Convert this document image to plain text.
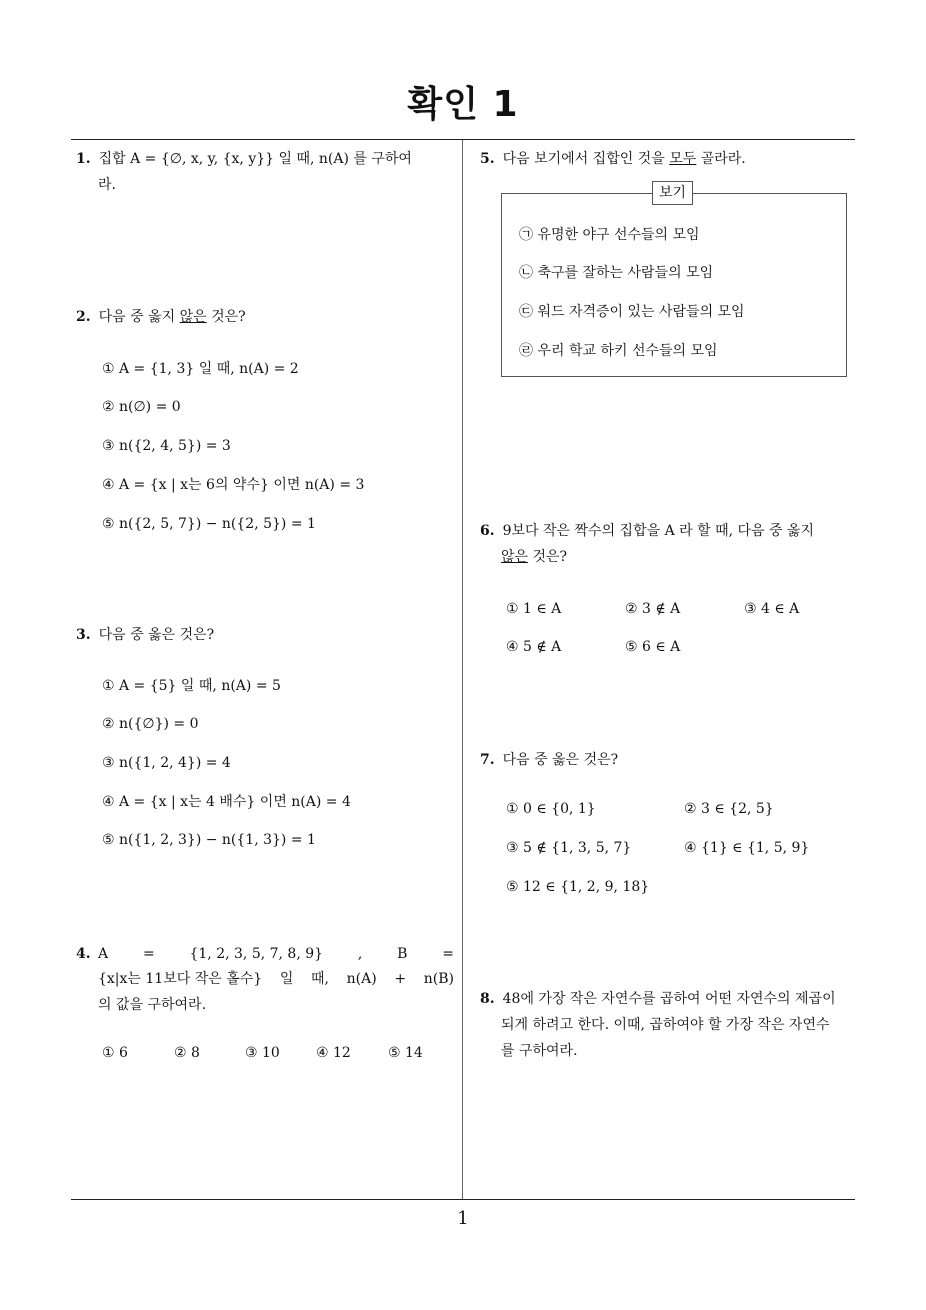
확인 1
1
1. 집합 A = {∅, x, y, {x, y}} 일 때, n(A) 를 구하여
라.
2. 다음 중 옳지 않은 것은?
① A = {1, 3} 일 때, n(A) = 2
② n(∅) = 0
③ n({2, 4, 5}) = 3
④ A = {x | x는 6의 약수} 이면 n(A) = 3
⑤ n({2, 5, 7}) − n({2, 5}) = 1
3. 다음 중 옳은 것은?
① A = {5} 일 때, n(A) = 5
② n({∅}) = 0
③ n({1, 2, 4}) = 4
④ A = {x | x는 4 배수} 이면 n(A) = 4
⑤ n({1, 2, 3}) − n({1, 3}) = 1
4. A = {1, 2, 3, 5, 7, 8, 9} , B =
{x|x는 11보다 작은 홀수} 일 때, n(A) + n(B)
의 값을 구하여라.
① 6	② 8	③ 10	④ 12	⑤ 14
5. 다음 보기에서 집합인 것을 모두 골라라.
보기
㉠ 유명한 야구 선수들의 모임
㉡ 축구를 잘하는 사람들의 모임
㉢ 워드 자격증이 있는 사람들의 모임
㉣ 우리 학교 하키 선수들의 모임
6. 9보다 작은 짝수의 집합을 A 라 할 때, 다음 중 옳지
않은 것은?
① 1 ∈ A	② 3 ∉ A	③ 4 ∈ A
④ 5 ∉ A	⑤ 6 ∈ A
7. 다음 중 옳은 것은?
① 0 ∈ {0, 1}	② 3 ∈ {2, 5}
③ 5 ∉ {1, 3, 5, 7}	④ {1} ∈ {1, 5, 9}
⑤ 12 ∈ {1, 2, 9, 18}
8. 48에 가장 작은 자연수를 곱하여 어떤 자연수의 제곱이
되게 하려고 한다. 이때, 곱하여야 할 가장 작은 자연수
를 구하여라.
